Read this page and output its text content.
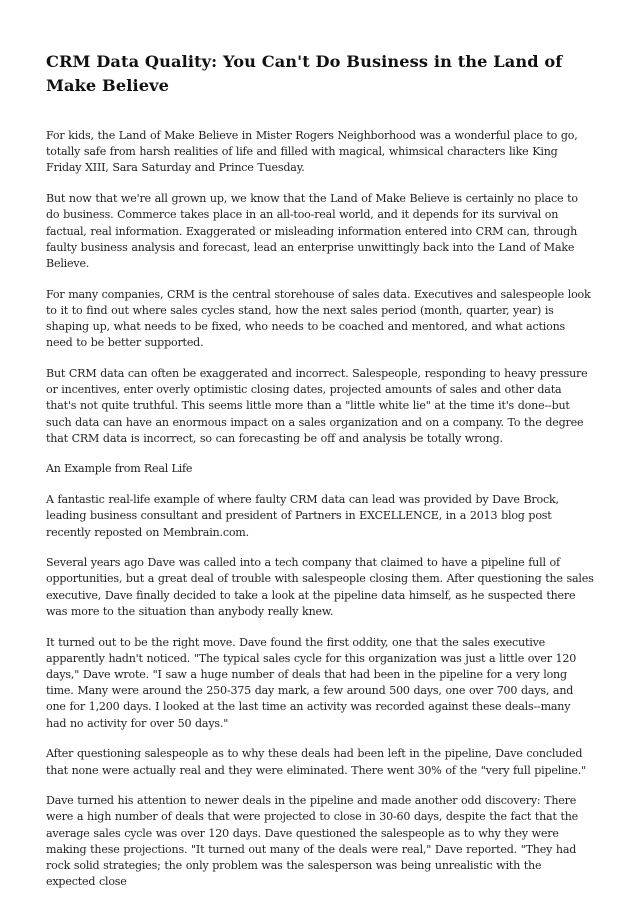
CRM Data Quality: You Can't Do Business in the Land of Make Believe

For kids, the Land of Make Believe in Mister Rogers Neighborhood was a wonderful place to go, totally safe from harsh realities of life and filled with magical, whimsical characters like King Friday XIII, Sara Saturday and Prince Tuesday.

But now that we're all grown up, we know that the Land of Make Believe is certainly no place to do business. Commerce takes place in an all-too-real world, and it depends for its survival on factual, real information. Exaggerated or misleading information entered into CRM can, through faulty business analysis and forecast, lead an enterprise unwittingly back into the Land of Make Believe.

For many companies, CRM is the central storehouse of sales data. Executives and salespeople look to it to find out where sales cycles stand, how the next sales period (month, quarter, year) is shaping up, what needs to be fixed, who needs to be coached and mentored, and what actions need to be better supported.

But CRM data can often be exaggerated and incorrect. Salespeople, responding to heavy pressure or incentives, enter overly optimistic closing dates, projected amounts of sales and other data that's not quite truthful. This seems little more than a "little white lie" at the time it's done--but such data can have an enormous impact on a sales organization and on a company. To the degree that CRM data is incorrect, so can forecasting be off and analysis be totally wrong.

An Example from Real Life

A fantastic real-life example of where faulty CRM data can lead was provided by Dave Brock, leading business consultant and president of Partners in EXCELLENCE, in a 2013 blog post recently reposted on Membrain.com.

Several years ago Dave was called into a tech company that claimed to have a pipeline full of opportunities, but a great deal of trouble with salespeople closing them. After questioning the sales executive, Dave finally decided to take a look at the pipeline data himself, as he suspected there was more to the situation than anybody really knew.

It turned out to be the right move. Dave found the first oddity, one that the sales executive apparently hadn't noticed. "The typical sales cycle for this organization was just a little over 120 days," Dave wrote. "I saw a huge number of deals that had been in the pipeline for a very long time. Many were around the 250-375 day mark, a few around 500 days, one over 700 days, and one for 1,200 days. I looked at the last time an activity was recorded against these deals--many had no activity for over 50 days."

After questioning salespeople as to why these deals had been left in the pipeline, Dave concluded that none were actually real and they were eliminated. There went 30% of the "very full pipeline."

Dave turned his attention to newer deals in the pipeline and made another odd discovery: There were a high number of deals that were projected to close in 30-60 days, despite the fact that the average sales cycle was over 120 days. Dave questioned the salespeople as to why they were making these projections. "It turned out many of the deals were real," Dave reported. "They had rock solid strategies; the only problem was the salesperson was being unrealistic with the expected close
